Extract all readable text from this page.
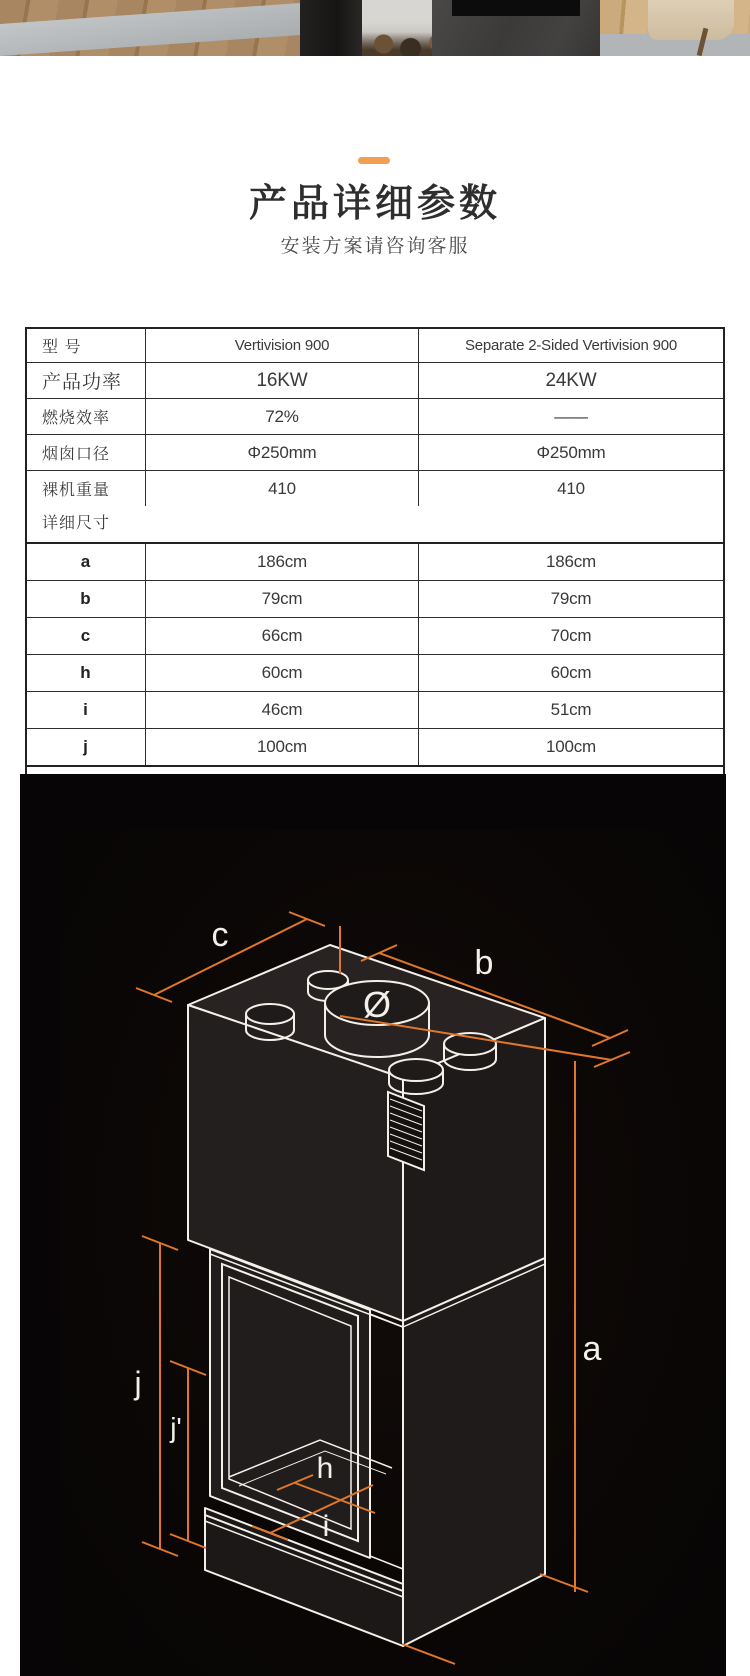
产品详细参数

安装方案请咨询客服

型 号	Vertivision 900	Separate 2-Sided Vertivision 900
产品功率	16KW	24KW
燃烧效率	72%	——
烟囱口径	Φ250mm	Φ250mm
裸机重量	410	410
详细尺寸
a	186cm	186cm
b	79cm	79cm
c	66cm	70cm
h	60cm	60cm
i	46cm	51cm
j	100cm	100cm
c
b
Ø
a
j
j'
h
i
